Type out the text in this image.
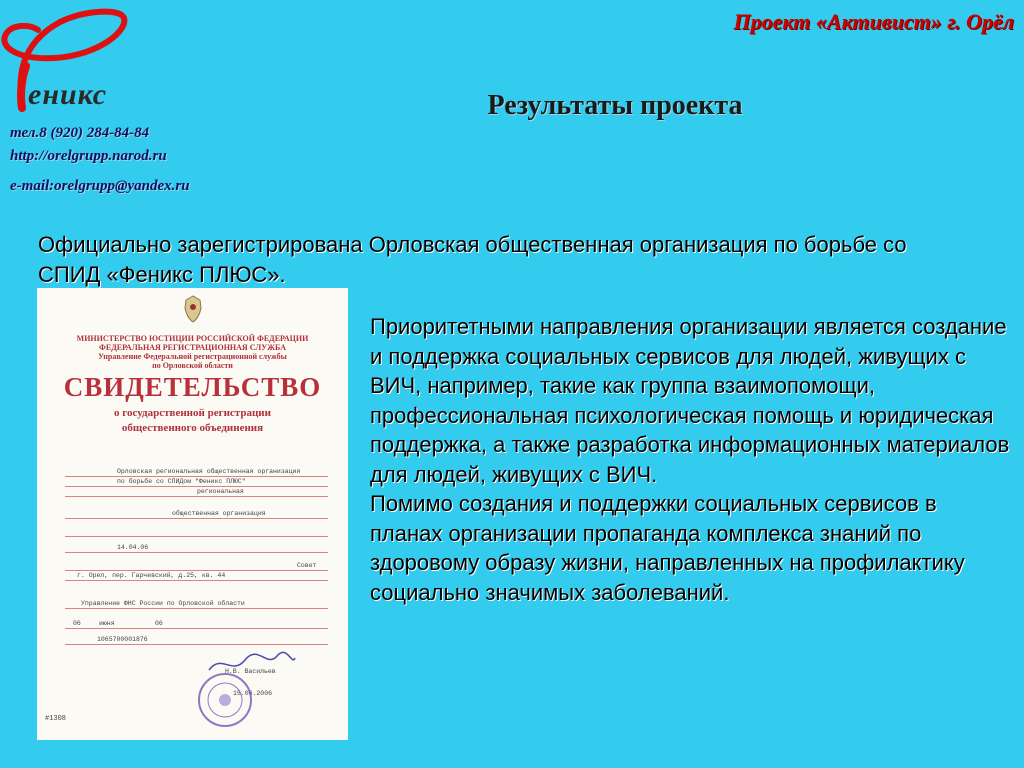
еникс
тел.8 (920) 284-84-84
http://orelgrupp.narod.ru
e-mail:orelgrupp@yandex.ru
Проект «Активист» г. Орёл
Результаты проекта
Официально зарегистрирована Орловская общественная организация по борьбе со СПИД «Феникс ПЛЮС».
МИНИСТЕРСТВО ЮСТИЦИИ РОССИЙСКОЙ ФЕДЕРАЦИИ
ФЕДЕРАЛЬНАЯ РЕГИСТРАЦИОННАЯ СЛУЖБА
Управление Федеральной регистрационной службы
по Орловской области
СВИДЕТЕЛЬСТВО
о государственной регистрации
общественного объединения
Орловская региональная общественная организация
по борьбе со СПИДом "Феникс ПЛЮС"
региональная
общественная организация
14.04.06
Совет
г. Орел, пер. Гарчевский, д.25, кв. 44
Управление ФНС России по Орловской области
06	июня	06
1065700001876
Н.В. Васильев
15.06.2006
#1308

Приоритетными направления организации является создание и поддержка социальных сервисов для людей, живущих с ВИЧ, например, такие как группа взаимопомощи, профессиональная психологическая помощь и юридическая поддержка, а также разработка информационных материалов для людей, живущих с ВИЧ.

Помимо создания и поддержки социальных сервисов в планах организации пропаганда комплекса знаний по здоровому образу жизни, направленных на профилактику социально значимых заболеваний.
